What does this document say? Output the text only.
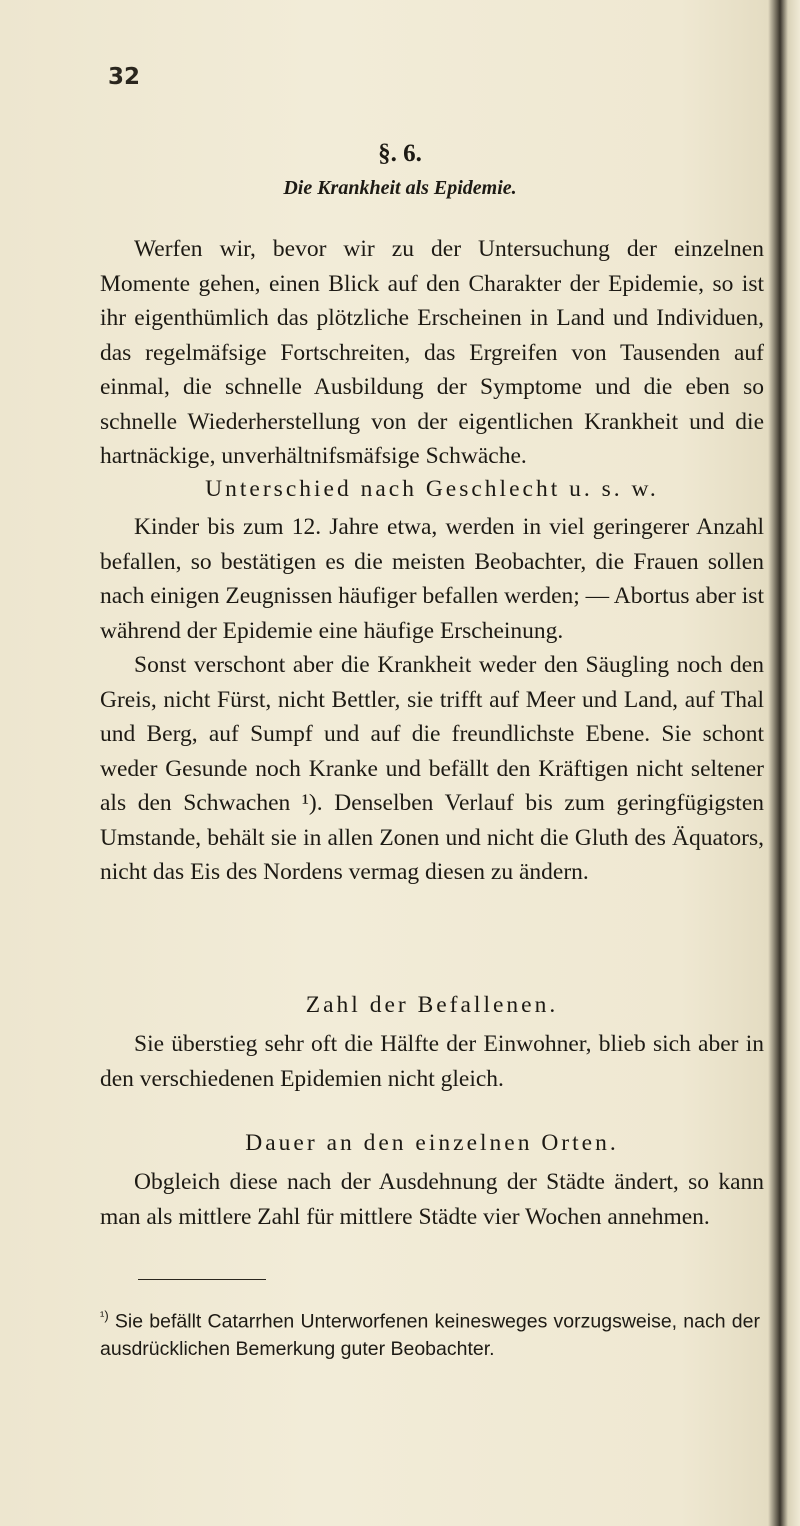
32
§. 6.
Die Krankheit als Epidemie.

Werfen wir, bevor wir zu der Untersuchung der einzelnen Momente gehen, einen Blick auf den Charakter der Epidemie, so ist ihr eigenthümlich das plötzliche Erscheinen in Land und Individuen, das regelmäfsige Fortschreiten, das Ergreifen von Tausenden auf einmal, die schnelle Ausbildung der Symptome und die eben so schnelle Wiederherstellung von der eigentlichen Krankheit und die hartnäckige, unverhältnifsmäfsige Schwäche.

Unterschied nach Geschlecht u. s. w.

Kinder bis zum 12. Jahre etwa, werden in viel geringerer Anzahl befallen, so bestätigen es die meisten Beobachter, die Frauen sollen nach einigen Zeugnissen häufiger befallen werden; — Abortus aber ist während der Epidemie eine häufige Erscheinung.

Sonst verschont aber die Krankheit weder den Säugling noch den Greis, nicht Fürst, nicht Bettler, sie trifft auf Meer und Land, auf Thal und Berg, auf Sumpf und auf die freundlichste Ebene. Sie schont weder Gesunde noch Kranke und befällt den Kräftigen nicht seltener als den Schwachen ¹). Denselben Verlauf bis zum geringfügigsten Umstande, behält sie in allen Zonen und nicht die Gluth des Äquators, nicht das Eis des Nordens vermag diesen zu ändern.

Zahl der Befallenen.

Sie überstieg sehr oft die Hälfte der Einwohner, blieb sich aber in den verschiedenen Epidemien nicht gleich.

Dauer an den einzelnen Orten.

Obgleich diese nach der Ausdehnung der Städte ändert, so kann man als mittlere Zahl für mittlere Städte vier Wochen annehmen.

$^{^1)}$ Sie befällt Catarrhen Unterworfenen keinesweges vorzugsweise, nach der ausdrücklichen Bemerkung guter Beobachter.
